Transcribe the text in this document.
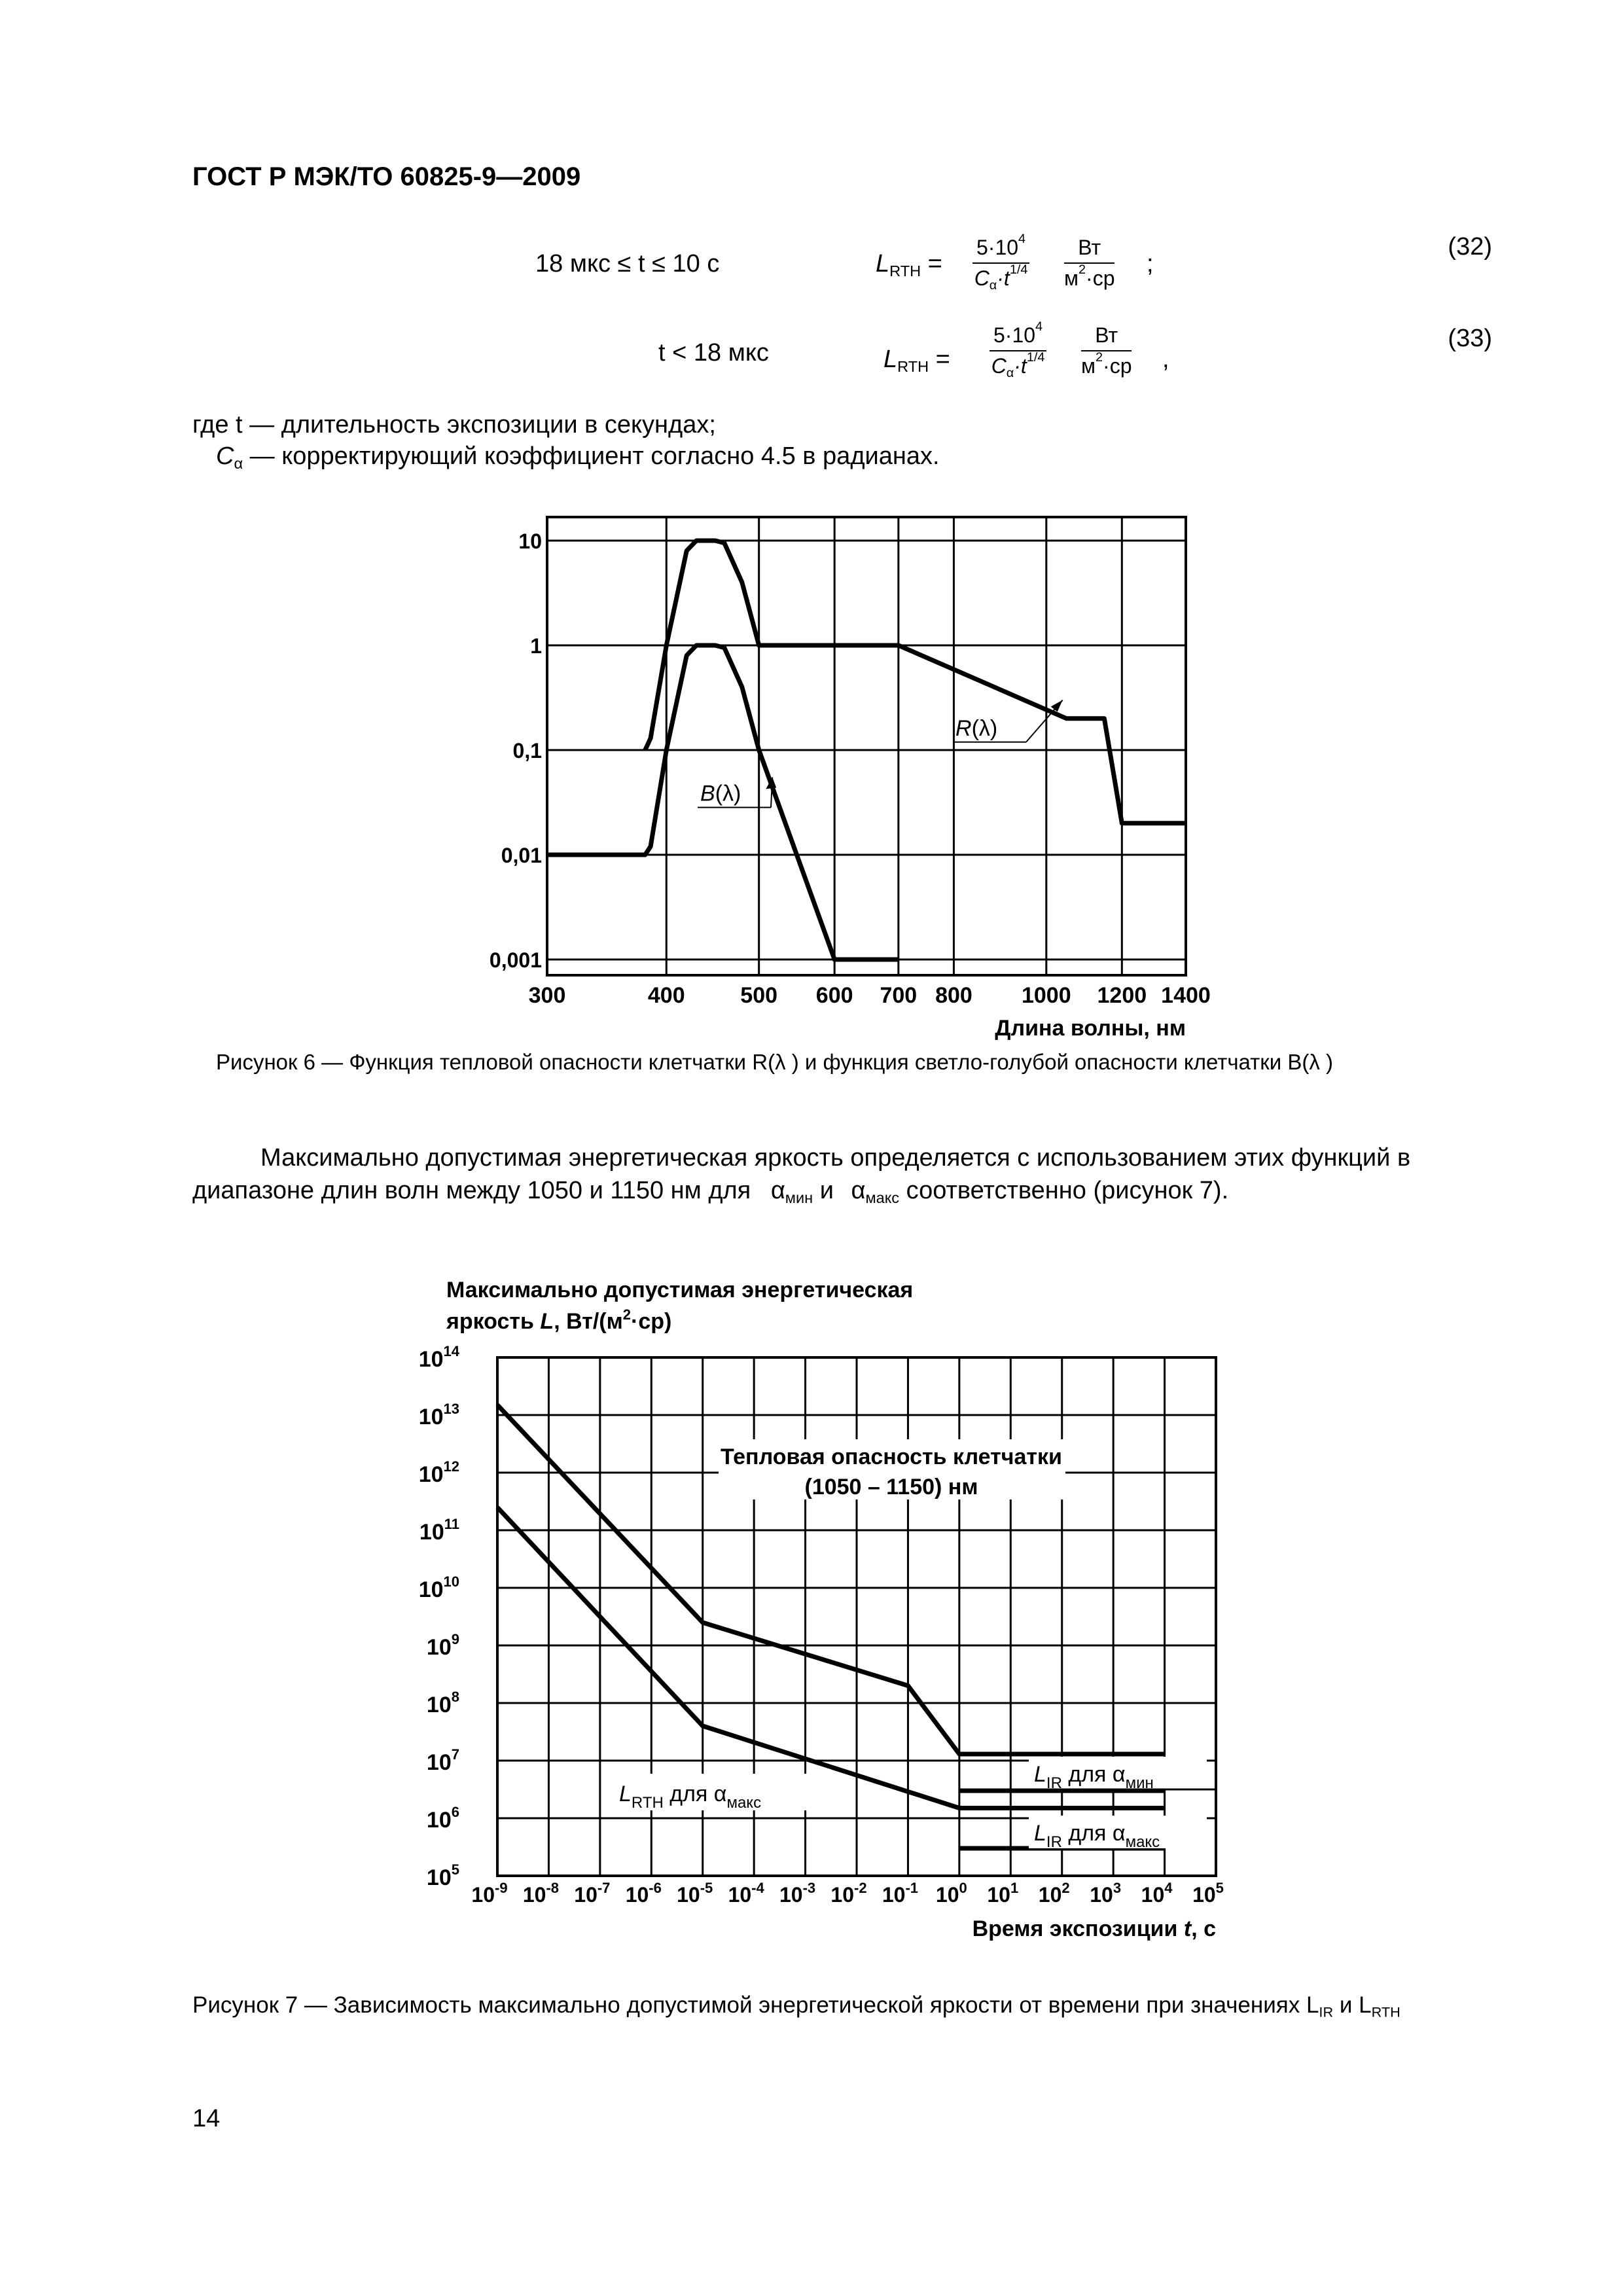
ГОСТ Р МЭК/ТО 60825-9—2009
18 мкс ≤ t ≤ 10 с	$L_{RTH} = \frac{5\cdot 10^4}{C_\alpha\cdot t^{1/4}}$	Вт
$м^2\cdot ср$
;
(32)
t < 18 мкс	$L_{RTH} = \frac{5\cdot 10^4}{C_\alpha\cdot t^{1/4}}$	Вт
$м^2\cdot ср$ ,
(33)
где t — длительность экспозиции в секундах;
$C_\alpha$ — корректирующий коэффициент согласно 4.5 в радианах.
300	400 500 600 700 800 1000 1200 1400
10
1
0,1
0,01
0,001
Длина волны, нм
R(λ)
B(λ)
Рисунок 6 — Функция тепловой опасности клетчатки R(λ ) и функция светло-голубой опасности клетчатки B(λ )
Максимально допустимая энергетическая яркость определяется с использованием этих функций в
диапазоне длин волн между 1050 и 1150 нм для $\alpha_{мин}$ и $\alpha_{макс}$ соответственно (рисунок 7).
Максимально допустимая энергетическая
яркость L, $Вт/(м^2\cdot ср)$
$10^{14}$
$10^{13}$
$10^{12}$
$10^{11}$
$10^{10}$
$10^9$
$10^8$
$10^7$
$10^6$
$10^5$
$10^{-9}$ $10^{-8}$ $10^{-7}$ $10^{-6}$ $10^{-5}$ $10^{-4}$ $10^{-3}$ $10^{-2}$ $10^{-1}$ $10^0$ $10^1$ $10^2$ $10^3$ $10^4$ $10^5$
Время экспозиции t, с
Тепловая опасность клетчатки
(1050 – 1150) нм
$L_{RTH}$ для $\alpha_{макс}$
$L_{IR}$ для $\alpha_{мин}$
$L_{IR}$ для $\alpha_{макс}$
Рисунок 7 — Зависимость максимально допустимой энергетической яркости от времени при значениях $L_{IR}$ и $L_{RTH}$
14
